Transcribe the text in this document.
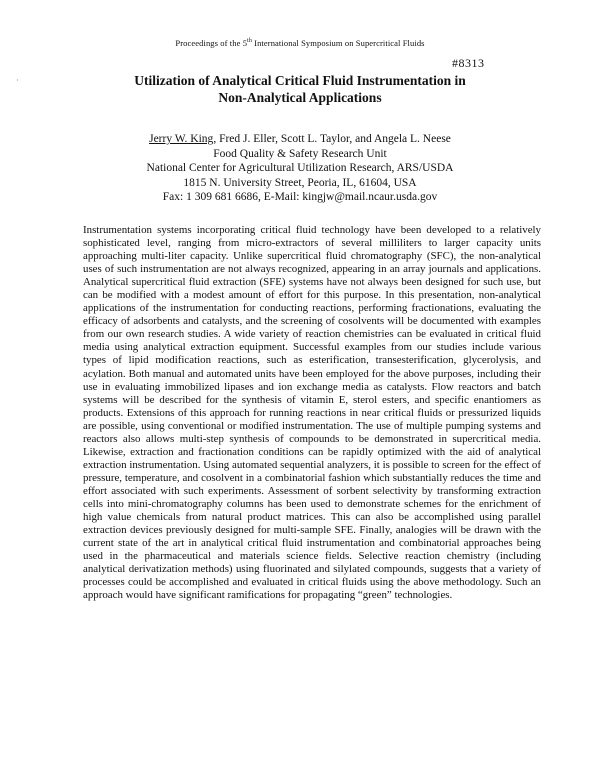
Proceedings of the 5th International Symposium on Supercritical Fluids
#8313
·	Utilization of Analytical Critical Fluid Instrumentation in
Non-Analytical Applications
Jerry W. King, Fred J. Eller, Scott L. Taylor, and Angela L. Neese
Food Quality & Safety Research Unit
National Center for Agricultural Utilization Research, ARS/USDA
1815 N. University Street, Peoria, IL, 61604, USA
Fax: 1 309 681 6686, E-Mail: kingjw@mail.ncaur.usda.gov
Instrumentation systems incorporating critical fluid technology have been developed to a relatively sophisticated level, ranging from micro-extractors of several milliliters to larger capacity units approaching multi-liter capacity. Unlike supercritical fluid chromatography (SFC), the non-analytical uses of such instrumentation are not always recognized, appearing in an array journals and applications. Analytical supercritical fluid extraction (SFE) systems have not always been designed for such use, but can be modified with a modest amount of effort for this purpose. In this presentation, non-analytical applications of the instrumentation for conducting reactions, performing fractionations, evaluating the efficacy of adsorbents and catalysts, and the screening of cosolvents will be documented with examples from our own research studies. A wide variety of reaction chemistries can be evaluated in critical fluid media using analytical extraction equipment. Successful examples from our studies include various types of lipid modification reactions, such as esterification, transesterification, glycerolysis, and acylation. Both manual and automated units have been employed for the above purposes, including their use in evaluating immobilized lipases and ion exchange media as catalysts. Flow reactors and batch systems will be described for the synthesis of vitamin E, sterol esters, and specific enantiomers as products. Extensions of this approach for running reactions in near critical fluids or pressurized liquids are possible, using conventional or modified instrumentation. The use of multiple pumping systems and reactors also allows multi-step synthesis of compounds to be demonstrated in supercritical media. Likewise, extraction and fractionation conditions can be rapidly optimized with the aid of analytical extraction instrumentation. Using automated sequential analyzers, it is possible to screen for the effect of pressure, temperature, and cosolvent in a combinatorial fashion which substantially reduces the time and effort associated with such experiments. Assessment of sorbent selectivity by transforming extraction cells into mini-chromatography columns has been used to demonstrate schemes for the enrichment of high value chemicals from natural product matrices. This can also be accomplished using parallel extraction devices previously designed for multi-sample SFE. Finally, analogies will be drawn with the current state of the art in analytical critical fluid instrumentation and combinatorial approaches being used in the pharmaceutical and materials science fields. Selective reaction chemistry (including analytical derivatization methods) using fluorinated and silylated compounds, suggests that a variety of processes could be accomplished and evaluated in critical fluids using the above methodology. Such an approach would have significant ramifications for propagating “green” technologies.
